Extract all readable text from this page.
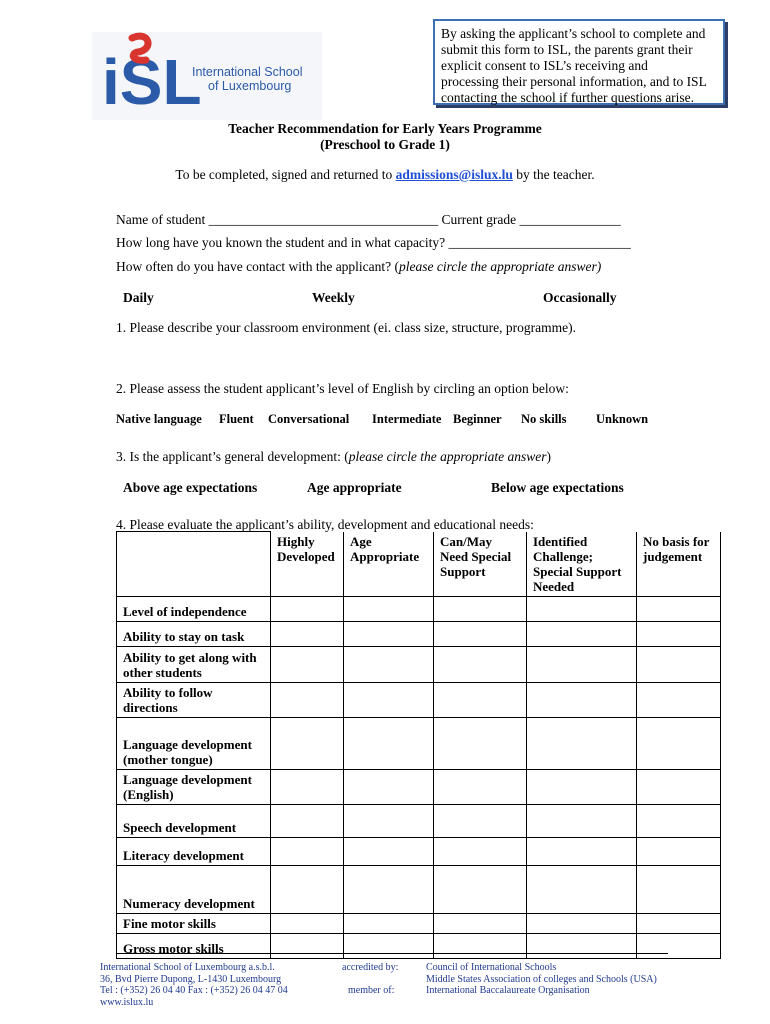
iSL
International School
of Luxembourg
By asking the applicant’s school to complete and
submit this form to ISL, the parents grant their
explicit consent to ISL’s receiving and
processing their personal information, and to ISL
contacting the school if further questions arise.
Teacher Recommendation for Early Years Programme
(Preschool to Grade 1)
To be completed, signed and returned to admissions@islux.lu by the teacher.
Name of student __________________________________ Current grade _______________
How long have you known the student and in what capacity? ___________________________
How often do you have contact with the applicant? (please circle the appropriate answer)
Daily	Weekly	Occasionally
1. Please describe your classroom environment (ei. class size, structure, programme).
2. Please assess the student applicant’s level of English by circling an option below:
Native language Fluent Conversational Intermediate Beginner No skills Unknown
3. Is the applicant’s general development: (please circle the appropriate answer)
Above age expectations	Age appropriate	Below age expectations
4. Please evaluate the applicant’s ability, development and educational needs:
	Highly Developed	Age Appropriate	Can/May Need Special Support	Identified Challenge; Special Support Needed	No basis for judgement
Level of independence					
Ability to stay on task					
Ability to get along with other students					
Ability to follow directions					
Language development (mother tongue)					
Language development (English)					
Speech development					
Literacy development					
Numeracy development					
Fine motor skills					
Gross motor skills					
International School of Luxembourg a.s.b.l.
36, Bvd Pierre Dupong, L-1430 Luxembourg
Tel : (+352) 26 04 40 Fax : (+352) 26 04 47 04
www.islux.lu
accredited by:
member of:
Council of International Schools
Middle States Association of colleges and Schools (USA)
International Baccalaureate Organisation
